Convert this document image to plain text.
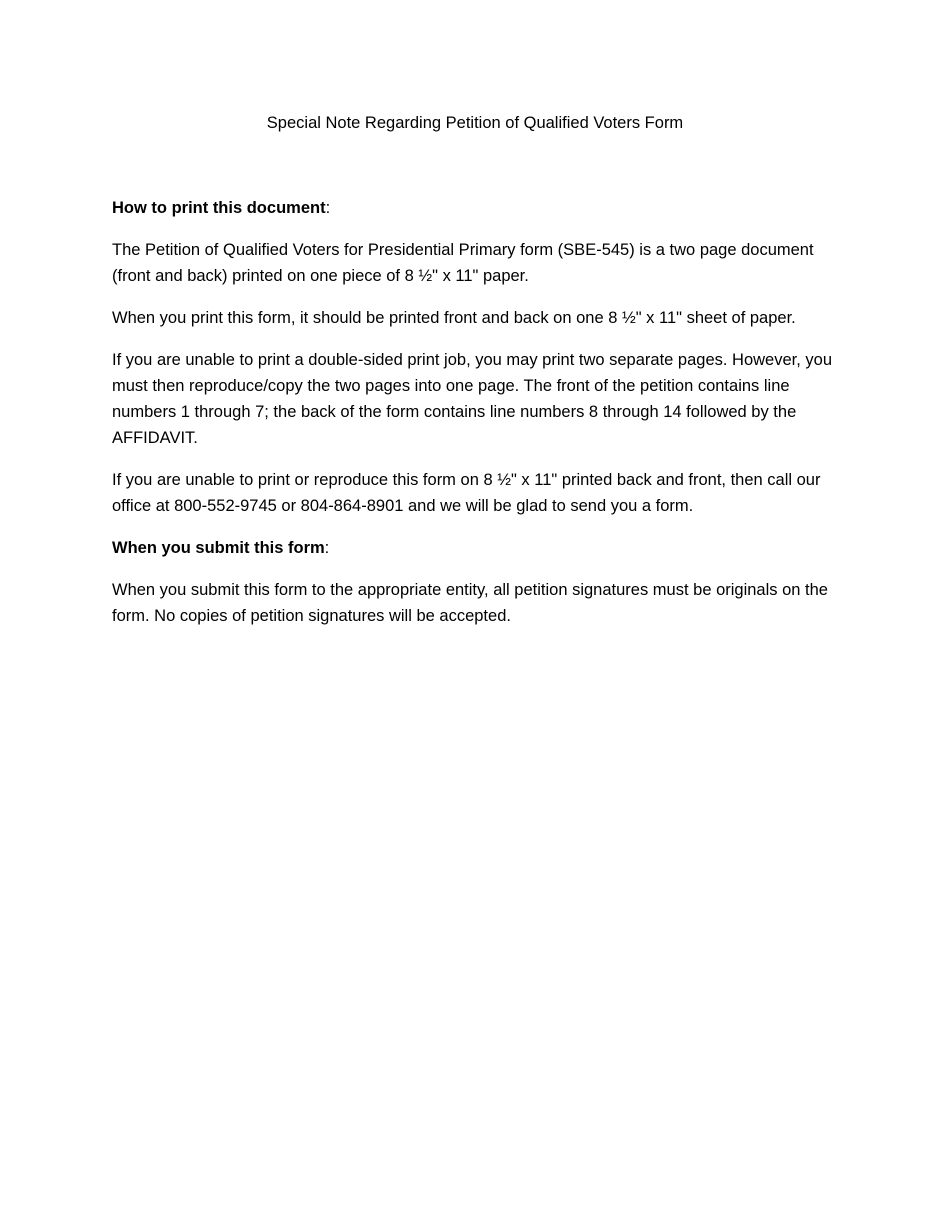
Special Note Regarding Petition of Qualified Voters Form

How to print this document:

The Petition of Qualified Voters for Presidential Primary form (SBE-545) is a two page document (front and back) printed on one piece of 8 ½" x 11" paper.

When you print this form, it should be printed front and back on one 8 ½" x 11" sheet of paper.

If you are unable to print a double-sided print job, you may print two separate pages. However, you must then reproduce/copy the two pages into one page. The front of the petition contains line numbers 1 through 7; the back of the form contains line numbers 8 through 14 followed by the AFFIDAVIT.

If you are unable to print or reproduce this form on 8 ½" x 11" printed back and front, then call our office at 800-552-9745 or 804-864-8901 and we will be glad to send you a form.

When you submit this form:

When you submit this form to the appropriate entity, all petition signatures must be originals on the form. No copies of petition signatures will be accepted.
